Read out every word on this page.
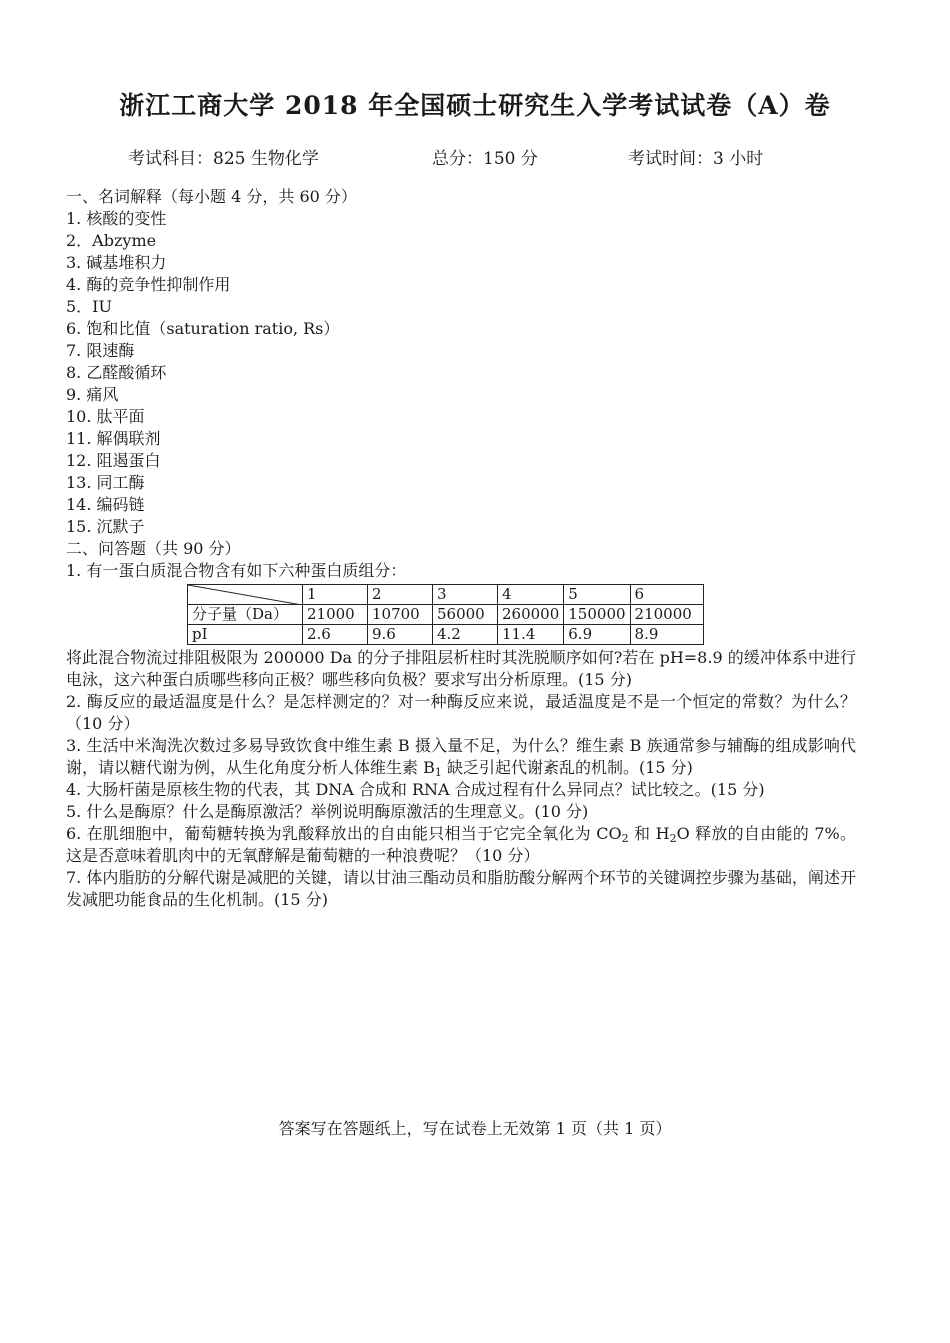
浙江工商大学 2018 年全国硕士研究生入学考试试卷（A）卷
考试科目：825 生物化学	总分：150 分	考试时间：3 小时
一、名词解释（每小题 4 分，共 60 分）
1. 核酸的变性
2．Abzyme
3. 碱基堆积力
4. 酶的竞争性抑制作用
5．IU
6. 饱和比值（saturation ratio, Rs）
7. 限速酶
8. 乙醛酸循环
9. 痛风
10. 肽平面
11. 解偶联剂
12. 阻遏蛋白
13. 同工酶
14. 编码链
15. 沉默子
二、问答题（共 90 分）
1. 有一蛋白质混合物含有如下六种蛋白质组分：
	1	2	3	4	5	6
分子量（Da）	21000	10700	56000	260000	150000	210000
pI	2.6	9.6	4.2	11.4	6.9	8.9
将此混合物流过排阻极限为 200000 Da 的分子排阻层析柱时其洗脱顺序如何?若在 pH=8.9 的缓冲体系中进行电泳，这六种蛋白质哪些移向正极？哪些移向负极？要求写出分析原理。(15 分)
2. 酶反应的最适温度是什么？是怎样测定的？对一种酶反应来说，最适温度是不是一个恒定的常数？为什么？（10 分）
3. 生活中米淘洗次数过多易导致饮食中维生素 B 摄入量不足，为什么？维生素 B 族通常参与辅酶的组成影响代谢，请以糖代谢为例，从生化角度分析人体维生素 $B_1$ 缺乏引起代谢紊乱的机制。(15 分)
4. 大肠杆菌是原核生物的代表，其 DNA 合成和 RNA 合成过程有什么异同点？试比较之。(15 分)
5. 什么是酶原？什么是酶原激活？举例说明酶原激活的生理意义。(10 分)
6. 在肌细胞中，葡萄糖转换为乳酸释放出的自由能只相当于它完全氧化为 $CO_2$ 和 $H_2O$ 释放的自由能的 7%。这是否意味着肌肉中的无氧酵解是葡萄糖的一种浪费呢？（10 分）
7. 体内脂肪的分解代谢是减肥的关键，请以甘油三酯动员和脂肪酸分解两个环节的关键调控步骤为基础，阐述开发减肥功能食品的生化机制。(15 分)
答案写在答题纸上，写在试卷上无效第 1 页（共 1 页）
